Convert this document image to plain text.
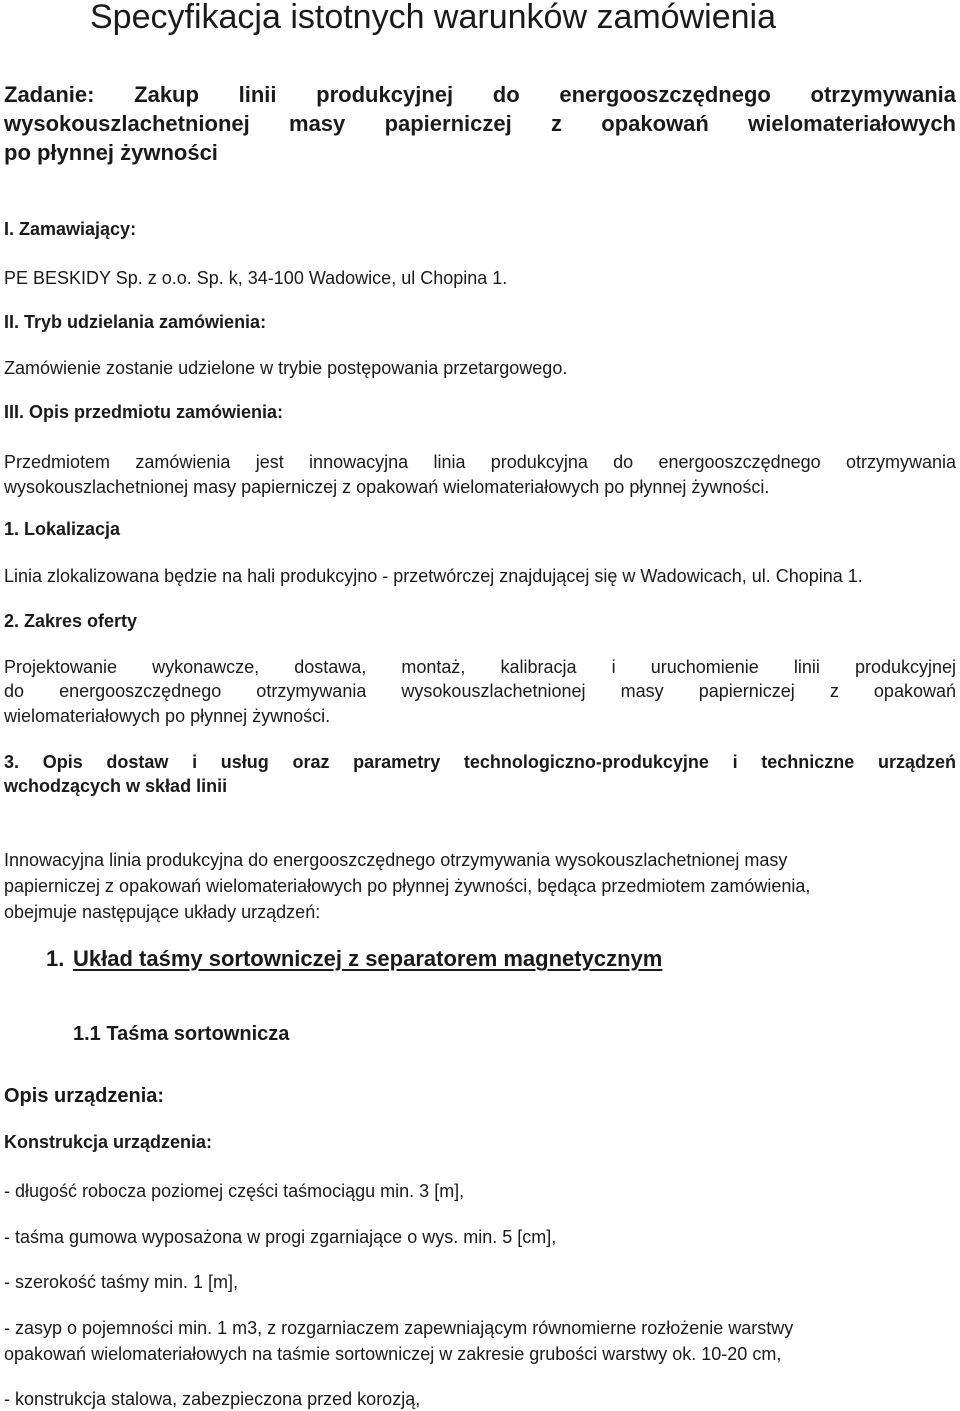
Specyfikacja istotnych warunków zamówienia
Zadanie: Zakup linii produkcyjnej do energooszczędnego otrzymywania
wysokouszlachetnionej masy papierniczej z opakowań wielomateriałowych
po płynnej żywności
I. Zamawiający:
PE BESKIDY Sp. z o.o. Sp. k, 34-100 Wadowice, ul Chopina 1.
II. Tryb udzielania zamówienia:
Zamówienie zostanie udzielone w trybie postępowania przetargowego.
III. Opis przedmiotu zamówienia:
Przedmiotem zamówienia jest innowacyjna linia produkcyjna do energooszczędnego otrzymywania
wysokouszlachetnionej masy papierniczej z opakowań wielomateriałowych po płynnej żywności.
1. Lokalizacja
Linia zlokalizowana będzie na hali produkcyjno - przetwórczej znajdującej się w Wadowicach, ul. Chopina 1.
2. Zakres oferty
Projektowanie wykonawcze, dostawa, montaż, kalibracja i uruchomienie linii produkcyjnej
do energooszczędnego otrzymywania wysokouszlachetnionej masy papierniczej z opakowań
wielomateriałowych po płynnej żywności.
3. Opis dostaw i usług oraz parametry technologiczno-produkcyjne i techniczne urządzeń
wchodzących w skład linii
Innowacyjna linia produkcyjna do energooszczędnego otrzymywania wysokouszlachetnionej masy
papierniczej z opakowań wielomateriałowych po płynnej żywności, będąca przedmiotem zamówienia,
obejmuje następujące układy urządzeń:
1. Układ taśmy sortowniczej z separatorem magnetycznym
1.1 Taśma sortownicza
Opis urządzenia:
Konstrukcja urządzenia:
- długość robocza poziomej części taśmociągu min. 3 [m],
- taśma gumowa wyposażona w progi zgarniające o wys. min. 5 [cm],
- szerokość taśmy min. 1 [m],
- zasyp o pojemności min. 1 m3, z rozgarniaczem zapewniającym równomierne rozłożenie warstwy
opakowań wielomateriałowych na taśmie sortowniczej w zakresie grubości warstwy ok. 10-20 cm,
- konstrukcja stalowa, zabezpieczona przed korozją,
